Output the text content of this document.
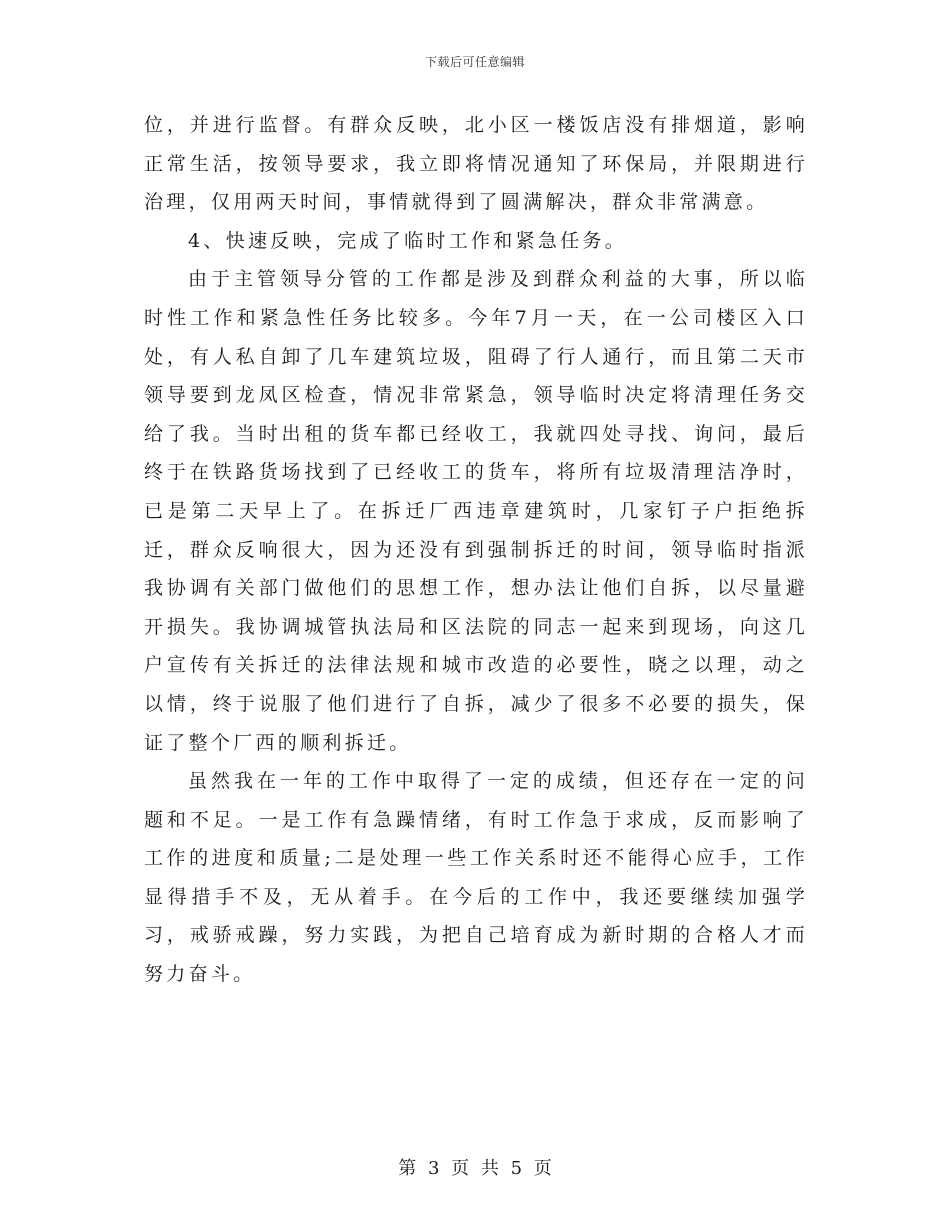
下载后可任意编辑

位，并进行监督。有群众反映，北小区一楼饭店没有排烟道，影响正常生活，按领导要求，我立即将情况通知了环保局，并限期进行治理，仅用两天时间，事情就得到了圆满解决，群众非常满意。

4、快速反映，完成了临时工作和紧急任务。

由于主管领导分管的工作都是涉及到群众利益的大事，所以临时性工作和紧急性任务比较多。今年7月一天，在一公司楼区入口处，有人私自卸了几车建筑垃圾，阻碍了行人通行，而且第二天市领导要到龙凤区检查，情况非常紧急，领导临时决定将清理任务交给了我。当时出租的货车都已经收工，我就四处寻找、询问，最后终于在铁路货场找到了已经收工的货车，将所有垃圾清理洁净时，已是第二天早上了。在拆迁厂西违章建筑时，几家钉子户拒绝拆迁，群众反响很大，因为还没有到强制拆迁的时间，领导临时指派我协调有关部门做他们的思想工作，想办法让他们自拆，以尽量避开损失。我协调城管执法局和区法院的同志一起来到现场，向这几户宣传有关拆迁的法律法规和城市改造的必要性，晓之以理，动之以情，终于说服了他们进行了自拆，减少了很多不必要的损失，保证了整个厂西的顺利拆迁。

虽然我在一年的工作中取得了一定的成绩，但还存在一定的问题和不足。一是工作有急躁情绪，有时工作急于求成，反而影响了工作的进度和质量;二是处理一些工作关系时还不能得心应手，工作显得措手不及，无从着手。在今后的工作中，我还要继续加强学习，戒骄戒躁，努力实践，为把自己培育成为新时期的合格人才而努力奋斗。

第 3 页 共 5 页
